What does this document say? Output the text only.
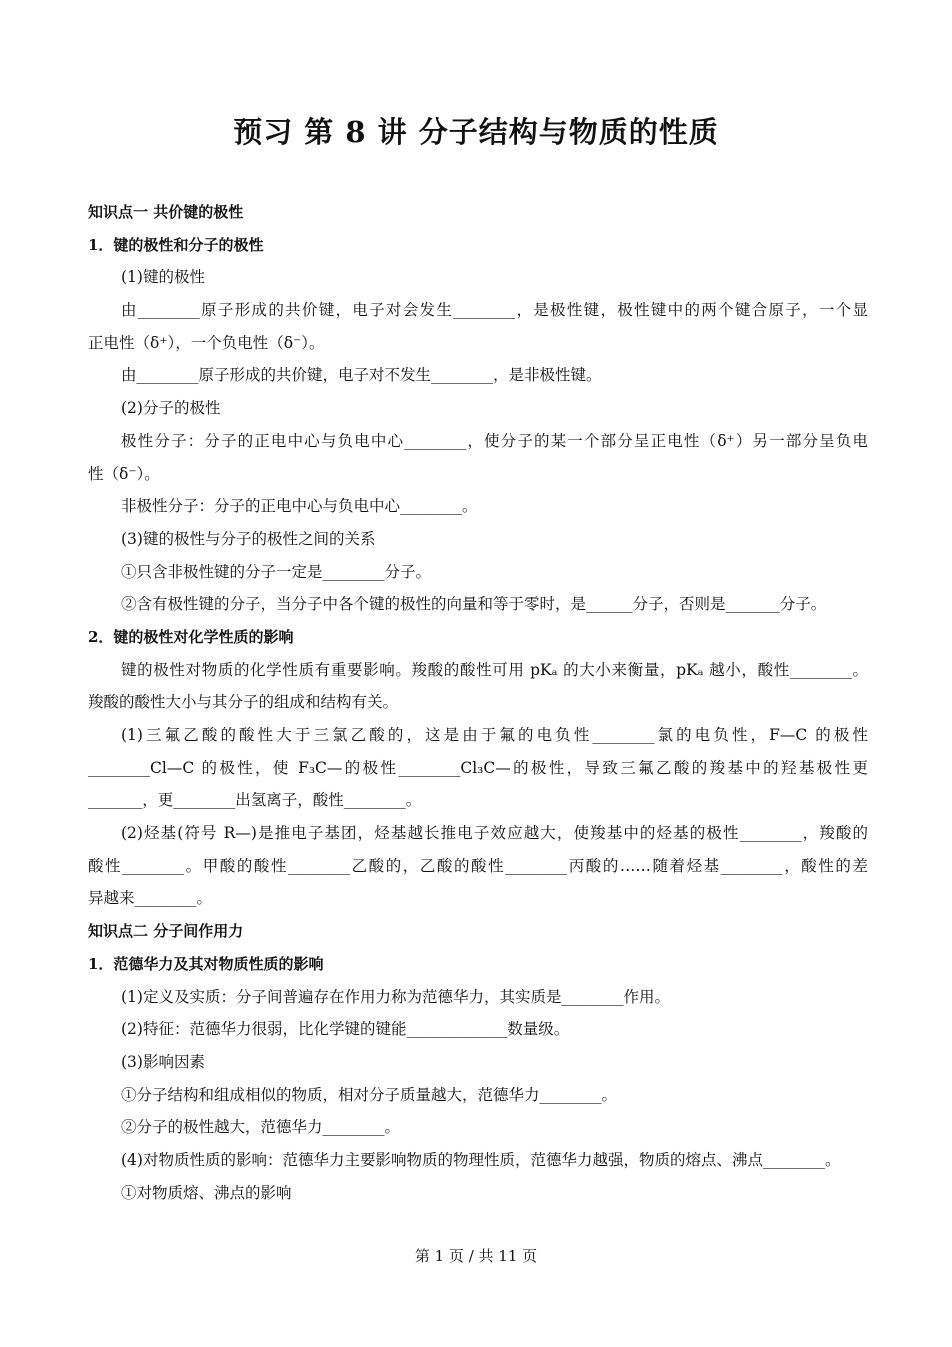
预习 第 8 讲 分子结构与物质的性质
知识点一 共价键的极性
1．键的极性和分子的极性
(1)键的极性
由________原子形成的共价键，电子对会发生________，是极性键，极性键中的两个键合原子，一个显
正电性（δ⁺），一个负电性（δ⁻）。
由________原子形成的共价键，电子对不发生________，是非极性键。
(2)分子的极性
极性分子：分子的正电中心与负电中心________，使分子的某一个部分呈正电性（δ⁺）另一部分呈负电
性（δ⁻）。
非极性分子：分子的正电中心与负电中心________。
(3)键的极性与分子的极性之间的关系
①只含非极性键的分子一定是________分子。
②含有极性键的分子，当分子中各个键的极性的向量和等于零时，是______分子，否则是_______分子。
2．键的极性对化学性质的影响
键的极性对物质的化学性质有重要影响。羧酸的酸性可用 pKₐ 的大小来衡量，pKₐ 越小，酸性________。
羧酸的酸性大小与其分子的组成和结构有关。
(1)三氟乙酸的酸性大于三氯乙酸的，这是由于氟的电负性________氯的电负性，F—C 的极性
________Cl—C 的极性，使 F₃C—的极性________Cl₃C—的极性，导致三氟乙酸的羧基中的羟基极性更
_______，更________出氢离子，酸性________。
(2)烃基(符号 R—)是推电子基团，烃基越长推电子效应越大，使羧基中的烃基的极性________，羧酸的
酸性________。甲酸的酸性________乙酸的，乙酸的酸性________丙酸的……随着烃基________，酸性的差
异越来________。
知识点二 分子间作用力
1．范德华力及其对物质性质的影响
(1)定义及实质：分子间普遍存在作用力称为范德华力，其实质是________作用。
(2)特征：范德华力很弱，比化学键的键能_____________数量级。
(3)影响因素
①分子结构和组成相似的物质，相对分子质量越大，范德华力________。
②分子的极性越大，范德华力________。
(4)对物质性质的影响：范德华力主要影响物质的物理性质，范德华力越强，物质的熔点、沸点________。
①对物质熔、沸点的影响
第 1 页 / 共 11 页
